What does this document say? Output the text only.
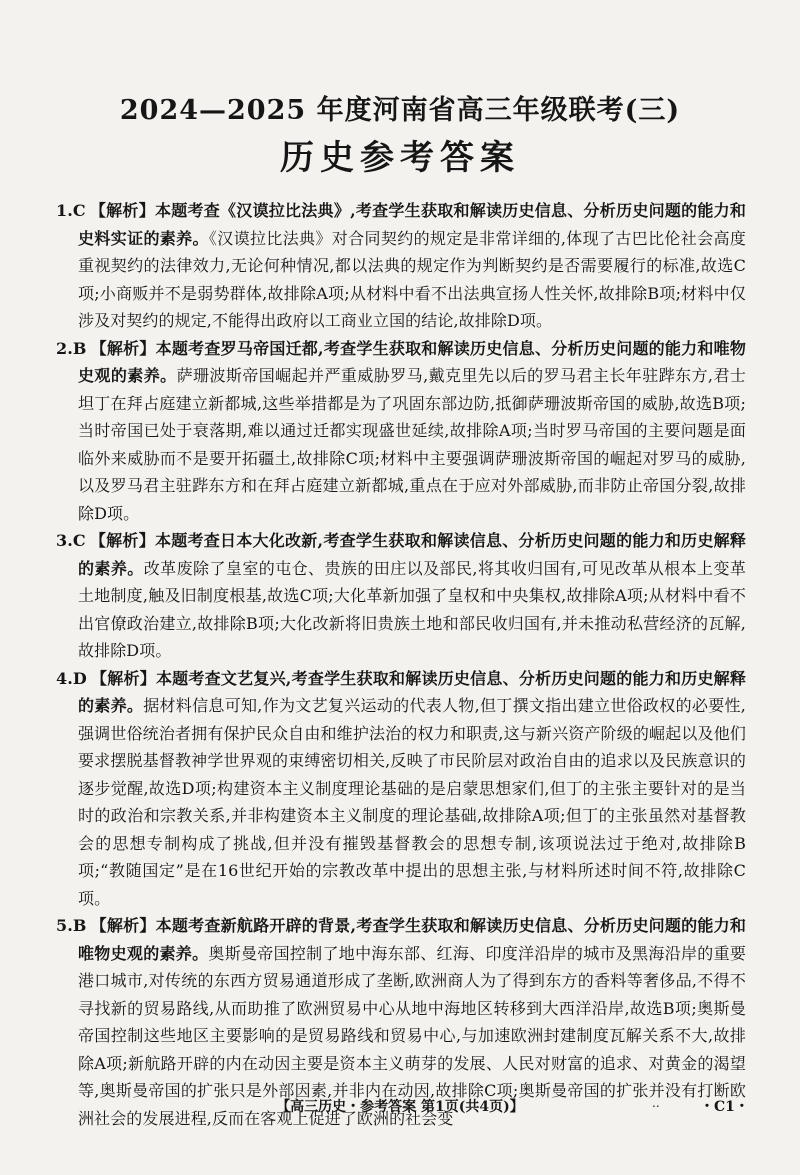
2024—2025 年度河南省高三年级联考(三)
历史参考答案

1.C 【解析】本题考查《汉谟拉比法典》,考查学生获取和解读历史信息、分析历史问题的能力和史料实证的素养。《汉谟拉比法典》对合同契约的规定是非常详细的,体现了古巴比伦社会高度重视契约的法律效力,无论何种情况,都以法典的规定作为判断契约是否需要履行的标准,故选C项;小商贩并不是弱势群体,故排除A项;从材料中看不出法典宣扬人性关怀,故排除B项;材料中仅涉及对契约的规定,不能得出政府以工商业立国的结论,故排除D项。

2.B 【解析】本题考查罗马帝国迁都,考查学生获取和解读历史信息、分析历史问题的能力和唯物史观的素养。萨珊波斯帝国崛起并严重威胁罗马,戴克里先以后的罗马君主长年驻跸东方,君士坦丁在拜占庭建立新都城,这些举措都是为了巩固东部边防,抵御萨珊波斯帝国的威胁,故选B项;当时帝国已处于衰落期,难以通过迁都实现盛世延续,故排除A项;当时罗马帝国的主要问题是面临外来威胁而不是要开拓疆土,故排除C项;材料中主要强调萨珊波斯帝国的崛起对罗马的威胁,以及罗马君主驻跸东方和在拜占庭建立新都城,重点在于应对外部威胁,而非防止帝国分裂,故排除D项。

3.C 【解析】本题考查日本大化改新,考查学生获取和解读信息、分析历史问题的能力和历史解释的素养。改革废除了皇室的屯仓、贵族的田庄以及部民,将其收归国有,可见改革从根本上变革土地制度,触及旧制度根基,故选C项;大化革新加强了皇权和中央集权,故排除A项;从材料中看不出官僚政治建立,故排除B项;大化改新将旧贵族土地和部民收归国有,并未推动私营经济的瓦解,故排除D项。

4.D 【解析】本题考查文艺复兴,考查学生获取和解读历史信息、分析历史问题的能力和历史解释的素养。据材料信息可知,作为文艺复兴运动的代表人物,但丁撰文指出建立世俗政权的必要性,强调世俗统治者拥有保护民众自由和维护法治的权力和职责,这与新兴资产阶级的崛起以及他们要求摆脱基督教神学世界观的束缚密切相关,反映了市民阶层对政治自由的追求以及民族意识的逐步觉醒,故选D项;构建资本主义制度理论基础的是启蒙思想家们,但丁的主张主要针对的是当时的政治和宗教关系,并非构建资本主义制度的理论基础,故排除A项;但丁的主张虽然对基督教会的思想专制构成了挑战,但并没有摧毁基督教会的思想专制,该项说法过于绝对,故排除B项;“教随国定”是在16世纪开始的宗教改革中提出的思想主张,与材料所述时间不符,故排除C项。

5.B 【解析】本题考查新航路开辟的背景,考查学生获取和解读历史信息、分析历史问题的能力和唯物史观的素养。奥斯曼帝国控制了地中海东部、红海、印度洋沿岸的城市及黑海沿岸的重要港口城市,对传统的东西方贸易通道形成了垄断,欧洲商人为了得到东方的香料等奢侈品,不得不寻找新的贸易路线,从而助推了欧洲贸易中心从地中海地区转移到大西洋沿岸,故选B项;奥斯曼帝国控制这些地区主要影响的是贸易路线和贸易中心,与加速欧洲封建制度瓦解关系不大,故排除A项;新航路开辟的内在动因主要是资本主义萌芽的发展、人民对财富的追求、对黄金的渴望等,奥斯曼帝国的扩张只是外部因素,并非内在动因,故排除C项;奥斯曼帝国的扩张并没有打断欧洲社会的发展进程,反而在客观上促进了欧洲的社会变

【高三历史・参考答案 第1页(共4页)】	..	・C1・
